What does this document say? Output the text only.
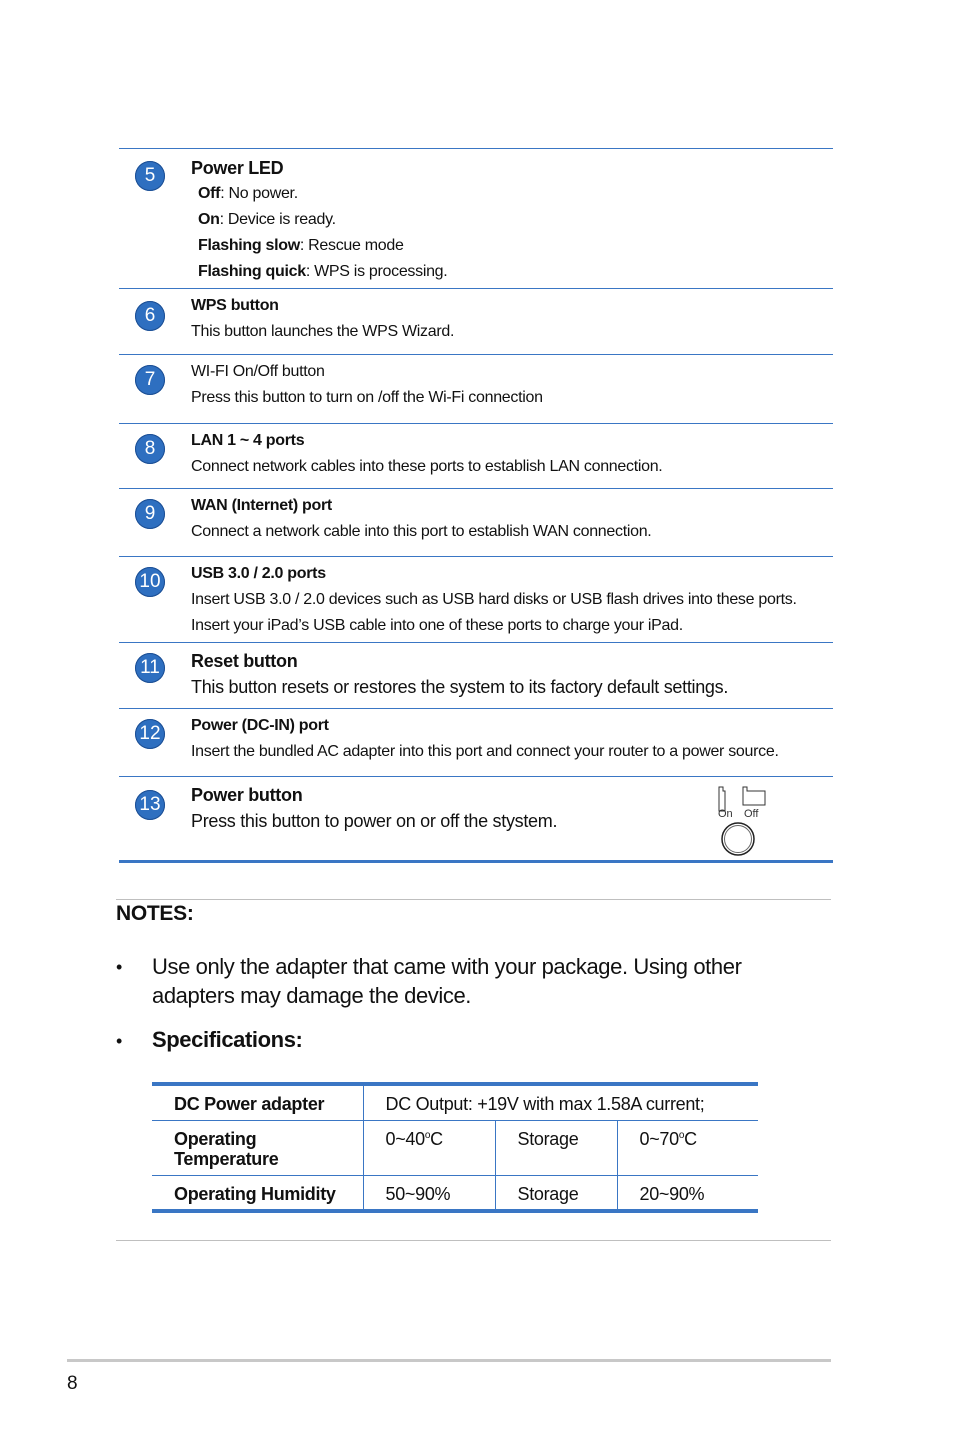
5	Power LED
Off: No power.
On: Device is ready.
Flashing slow: Rescue mode
Flashing quick: WPS is processing.
6	WPS button
This button launches the WPS Wizard.
7	WI-FI On/Off button
Press this button to turn on /off the Wi-Fi connection
8	LAN 1 ~ 4 ports
Connect network cables into these ports to establish LAN connection.
9	WAN (Internet) port
Connect a network cable into this port to establish WAN connection.
10 USB 3.0 / 2.0 ports
Insert USB 3.0 / 2.0 devices such as USB hard disks or USB flash drives into these ports.
Insert your iPad’s USB cable into one of these ports to charge your iPad.
11 Reset button
This button resets or restores the system to its factory default settings.
12 Power (DC-IN) port
Insert the bundled AC adapter into this port and connect your router to a power source.
13 Power button
Press this button to power on or off the stystem.	On Off
NOTES:
• Use only the adapter that came with your package. Using other adapters may damage the device.
• Specifications:
DC Power adapter	DC Output: +19V with max 1.58A current;		
Operating Temperature	0~40$^o$C	Storage	0~70$^o$C
Operating Humidity	50~90%	Storage	20~90%
8
